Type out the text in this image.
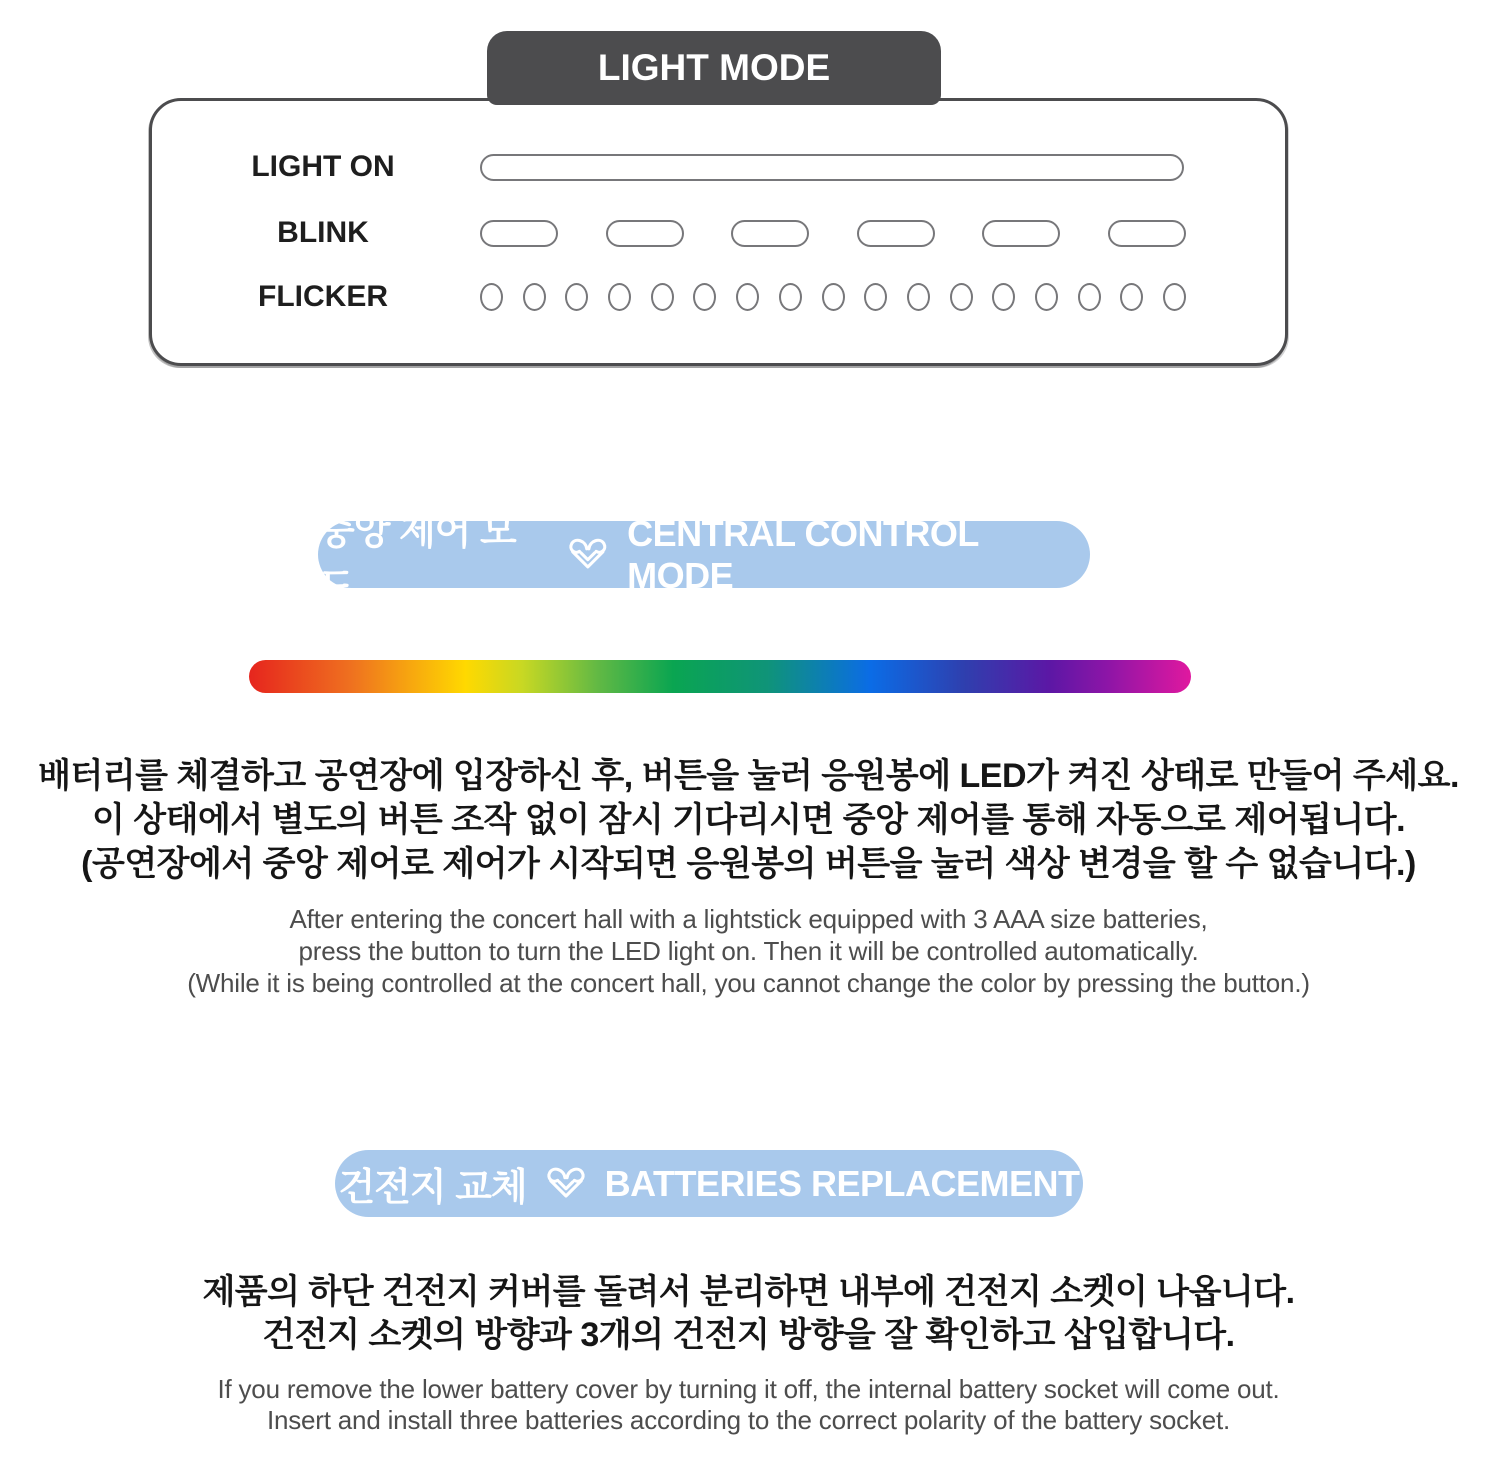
LIGHT MODE
LIGHT ON
BLINK
FLICKER
중앙 제어 모드
CENTRAL CONTROL MODE
배터리를 체결하고 공연장에 입장하신 후, 버튼을 눌러 응원봉에 LED가 켜진 상태로 만들어 주세요.
이 상태에서 별도의 버튼 조작 없이 잠시 기다리시면 중앙 제어를 통해 자동으로 제어됩니다.
(공연장에서 중앙 제어로 제어가 시작되면 응원봉의 버튼을 눌러 색상 변경을 할 수 없습니다.)
After entering the concert hall with a lightstick equipped with 3 AAA size batteries,
press the button to turn the LED light on. Then it will be controlled automatically.
(While it is being controlled at the concert hall, you cannot change the color by pressing the button.)
건전지 교체 BATTERIES REPLACEMENT
제품의 하단 건전지 커버를 돌려서 분리하면 내부에 건전지 소켓이 나옵니다.
건전지 소켓의 방향과 3개의 건전지 방향을 잘 확인하고 삽입합니다.
If you remove the lower battery cover by turning it off, the internal battery socket will come out.
Insert and install three batteries according to the correct polarity of the battery socket.
